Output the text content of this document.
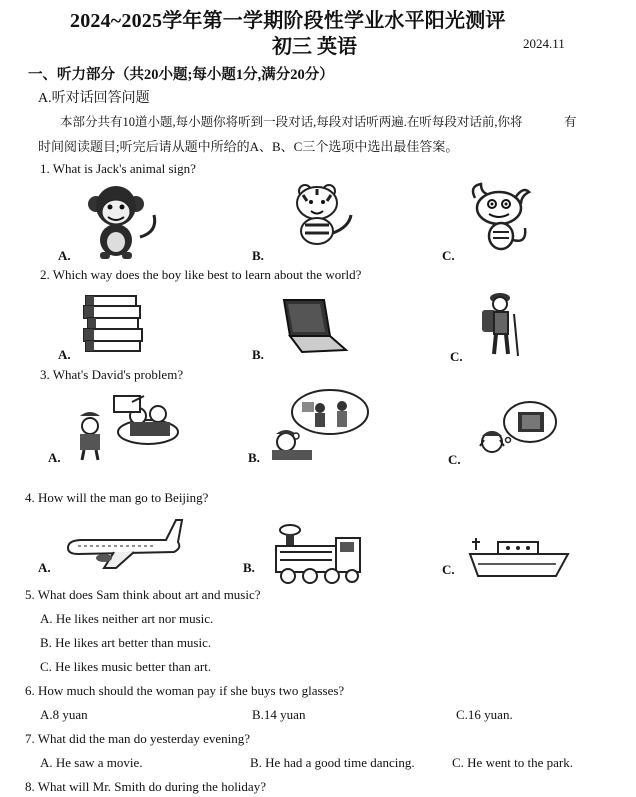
2024~2025学年第一学期阶段性学业水平阳光测评
初三 英语	2024.11
一、听力部分（共20小题;每小题1分,满分20分）
A.听对话回答问题
本部分共有10道小题,每小题你将听到一段对话,每段对话听两遍.在听每段对话前,你将	有
时间阅读题目;听完后请从题中所给的A、B、C三个选项中选出最佳答案。
1. What is Jack's animal sign?
A.	B.	C.
2. Which way does the boy like best to learn about the world?
A.	B.	C.
3. What's David's problem?
A.	B.	C.
4. How will the man go to Beijing?
A.	B.	C.
5. What does Sam think about art and music?
A. He likes neither art nor music.
B. He likes art better than music.
C. He likes music better than art.
6. How much should the woman pay if she buys two glasses?
A.8 yuan	B.14 yuan	C.16 yuan.
7. What did the man do yesterday evening?
A. He saw a movie.	B. He had a good time dancing.	C. He went to the park.
8. What will Mr. Smith do during the holiday?
